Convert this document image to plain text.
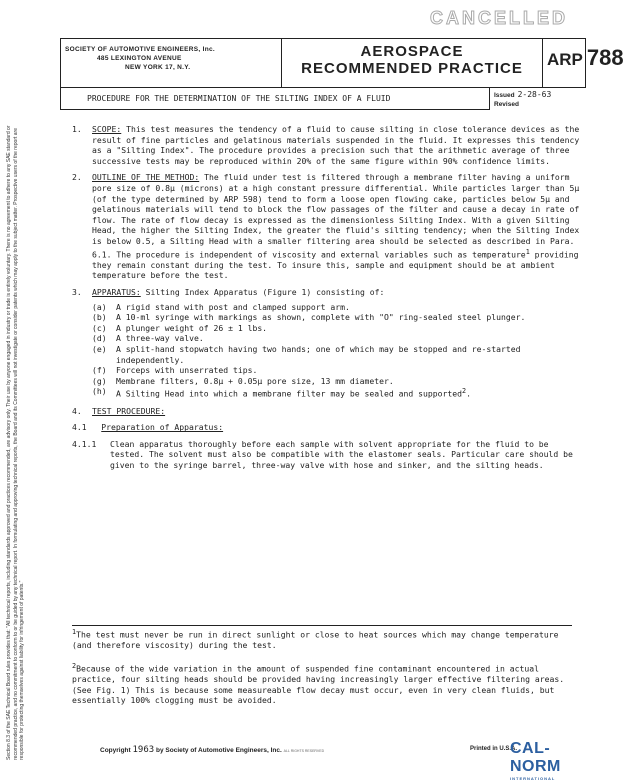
CANCELLED
SOCIETY OF AUTOMOTIVE ENGINEERS, Inc.
485 LEXINGTON AVENUE
NEW YORK 17, N.Y.
AEROSPACE
RECOMMENDED PRACTICE	ARP 788
PROCEDURE FOR THE DETERMINATION OF THE SILTING INDEX OF A FLUID	Issued 2-28-63
Revised
Section 8.3 of the SAE Technical Board rules provides that: "All technical reports, including standards approved and practices recommended, are advisory only. Their use by anyone engaged in industry or trade is entirely voluntary. There is no agreement to adhere to any SAE standard or recommended practice, and no commitment to conform to or be guided by any technical report. In formulating and approving technical reports, the Board and its Committees will not investigate or consider patents which may apply to the subject matter. Prospective users of the report are responsible for protecting themselves against liability for infringement of patents."
1. SCOPE: This test measures the tendency of a fluid to cause silting in close tolerance devices as the result of fine particles and gelatinous materials suspended in the fluid. It expresses this tendency as a "Silting Index". The procedure provides a precision such that the arithmetic average of three successive tests may be reproduced within 20% of the same figure within 90% confidence limits.
2. OUTLINE OF THE METHOD: The fluid under test is filtered through a membrane filter having a uniform pore size of 0.8μ (microns) at a high constant pressure differential. While particles larger than 5μ (of the type determined by ARP 598) tend to form a loose open flowing cake, particles below 5μ and gelatinous materials will tend to block the flow passages of the filter and cause a decay in rate of flow. The rate of flow decay is expressed as the dimensionless Silting Index. With a given Silting Head, the higher the Silting Index, the greater the fluid's silting tendency; when the Silting Index is below 0.5, a Silting Head with a smaller filtering area should be selected as described in Para. 6.1. The procedure is independent of viscosity and external variables such as temperature$^1$ providing they remain constant during the test. To insure this, sample and equipment should be at ambient temperature before the test.
3. APPARATUS: Silting Index Apparatus (Figure 1) consisting of:
(a) A rigid stand with post and clamped support arm.
(b) A 10-ml syringe with markings as shown, complete with "O" ring-sealed steel plunger.
(c) A plunger weight of 26 ± 1 lbs.
(d) A three-way valve.
(e) A split-hand stopwatch having two hands; one of which may be stopped and re-started independently.
(f) Forceps with unserrated tips.
(g) Membrane filters, 0.8μ + 0.05μ pore size, 13 mm diameter.
(h) A Silting Head into which a membrane filter may be sealed and supported$^2$.
4. TEST PROCEDURE:
4.1 Preparation of Apparatus:
4.1.1 Clean apparatus thoroughly before each sample with solvent appropriate for the fluid to be tested. The solvent must also be compatible with the elastomer seals. Particular care should be given to the syringe barrel, three-way valve with hose and sinker, and the silting heads.
$^1$The test must never be run in direct sunlight or close to heat sources which may change temperature (and therefore viscosity) during the test.
$^2$Because of the wide variation in the amount of suspended fine contaminant encountered in actual practice, four silting heads should be provided having increasingly larger effective filtering areas. (See Fig. 1) This is because some measureable flow decay must occur, even in very clean fluids, but essentially 100% clogging must be avoided.
Copyright 1963 by Society of Automotive Engineers, Inc. ALL RIGHTS RESERVED	Printed in U.S.A.
CAL-NORM
INTERNATIONAL
